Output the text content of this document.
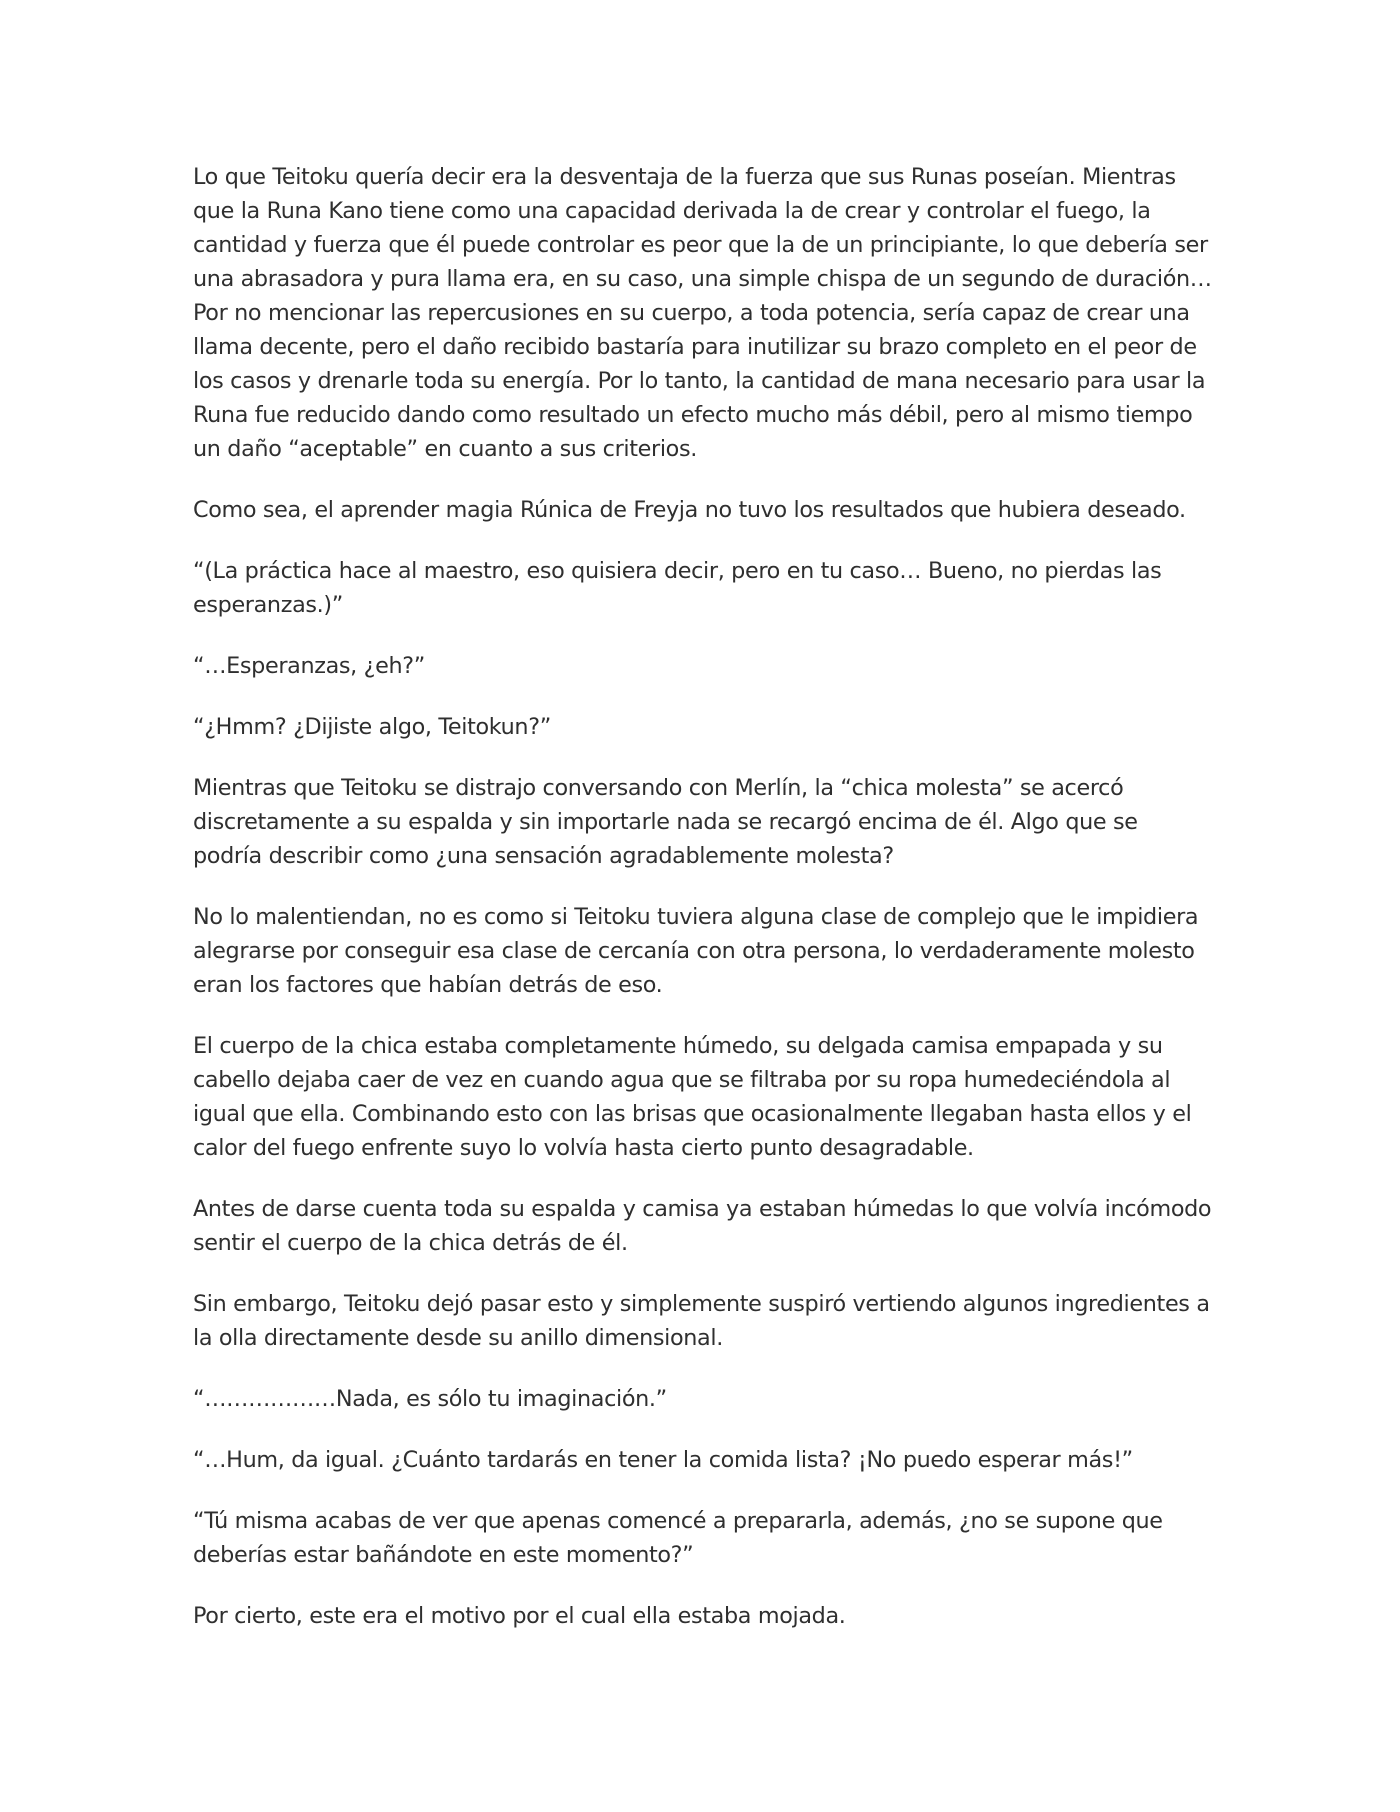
Lo que Teitoku quería decir era la desventaja de la fuerza que sus Runas poseían. Mientras que la Runa Kano tiene como una capacidad derivada la de crear y controlar el fuego, la cantidad y fuerza que él puede controlar es peor que la de un principiante, lo que debería ser una abrasadora y pura llama era, en su caso, una simple chispa de un segundo de duración… Por no mencionar las repercusiones en su cuerpo, a toda potencia, sería capaz de crear una llama decente, pero el daño recibido bastaría para inutilizar su brazo completo en el peor de los casos y drenarle toda su energía. Por lo tanto, la cantidad de mana necesario para usar la Runa fue reducido dando como resultado un efecto mucho más débil, pero al mismo tiempo un daño “aceptable” en cuanto a sus criterios.

Como sea, el aprender magia Rúnica de Freyja no tuvo los resultados que hubiera deseado.

“(La práctica hace al maestro, eso quisiera decir, pero en tu caso… Bueno, no pierdas las esperanzas.)”

“…Esperanzas, ¿eh?”

“¿Hmm? ¿Dijiste algo, Teitokun?”

Mientras que Teitoku se distrajo conversando con Merlín, la “chica molesta” se acercó discretamente a su espalda y sin importarle nada se recargó encima de él. Algo que se podría describir como ¿una sensación agradablemente molesta?

No lo malentiendan, no es como si Teitoku tuviera alguna clase de complejo que le impidiera alegrarse por conseguir esa clase de cercanía con otra persona, lo verdaderamente molesto eran los factores que habían detrás de eso.

El cuerpo de la chica estaba completamente húmedo, su delgada camisa empapada y su cabello dejaba caer de vez en cuando agua que se filtraba por su ropa humedeciéndola al igual que ella. Combinando esto con las brisas que ocasionalmente llegaban hasta ellos y el calor del fuego enfrente suyo lo volvía hasta cierto punto desagradable.

Antes de darse cuenta toda su espalda y camisa ya estaban húmedas lo que volvía incómodo sentir el cuerpo de la chica detrás de él.

Sin embargo, Teitoku dejó pasar esto y simplemente suspiró vertiendo algunos ingredientes a la olla directamente desde su anillo dimensional.

“………………Nada, es sólo tu imaginación.”

“…Hum, da igual. ¿Cuánto tardarás en tener la comida lista? ¡No puedo esperar más!”

“Tú misma acabas de ver que apenas comencé a prepararla, además, ¿no se supone que deberías estar bañándote en este momento?”

Por cierto, este era el motivo por el cual ella estaba mojada.
